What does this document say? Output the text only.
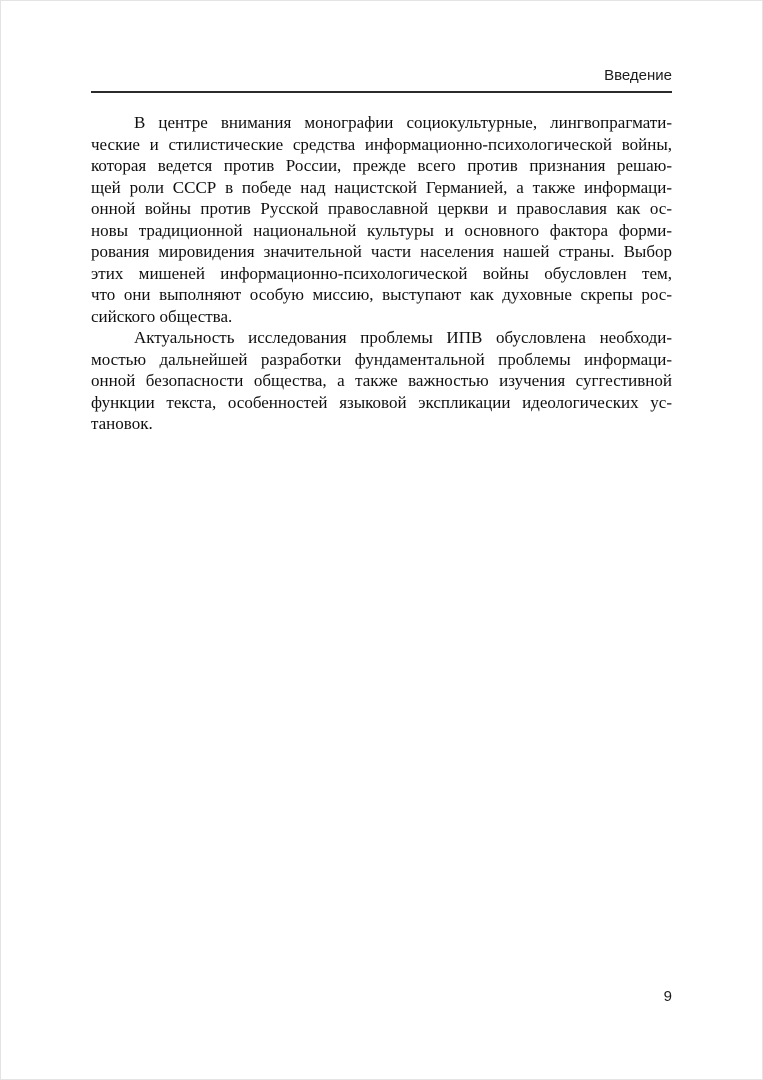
Введение
В центре внимания монографии социокультурные, лингвопрагмати-
ческие и стилистические средства информационно-психологической войны,
которая ведется против России, прежде всего против признания решаю-
щей роли СССР в победе над нацистской Германией, а также информаци-
онной войны против Русской православной церкви и православия как ос-
новы традиционной национальной культуры и основного фактора форми-
рования мировидения значительной части населения нашей страны. Выбор
этих мишеней информационно-психологической войны обусловлен тем,
что они выполняют особую миссию, выступают как духовные скрепы рос-
сийского общества.
Актуальность исследования проблемы ИПВ обусловлена необходи-
мостью дальнейшей разработки фундаментальной проблемы информаци-
онной безопасности общества, а также важностью изучения суггестивной
функции текста, особенностей языковой экспликации идеологических ус-
тановок.
9
